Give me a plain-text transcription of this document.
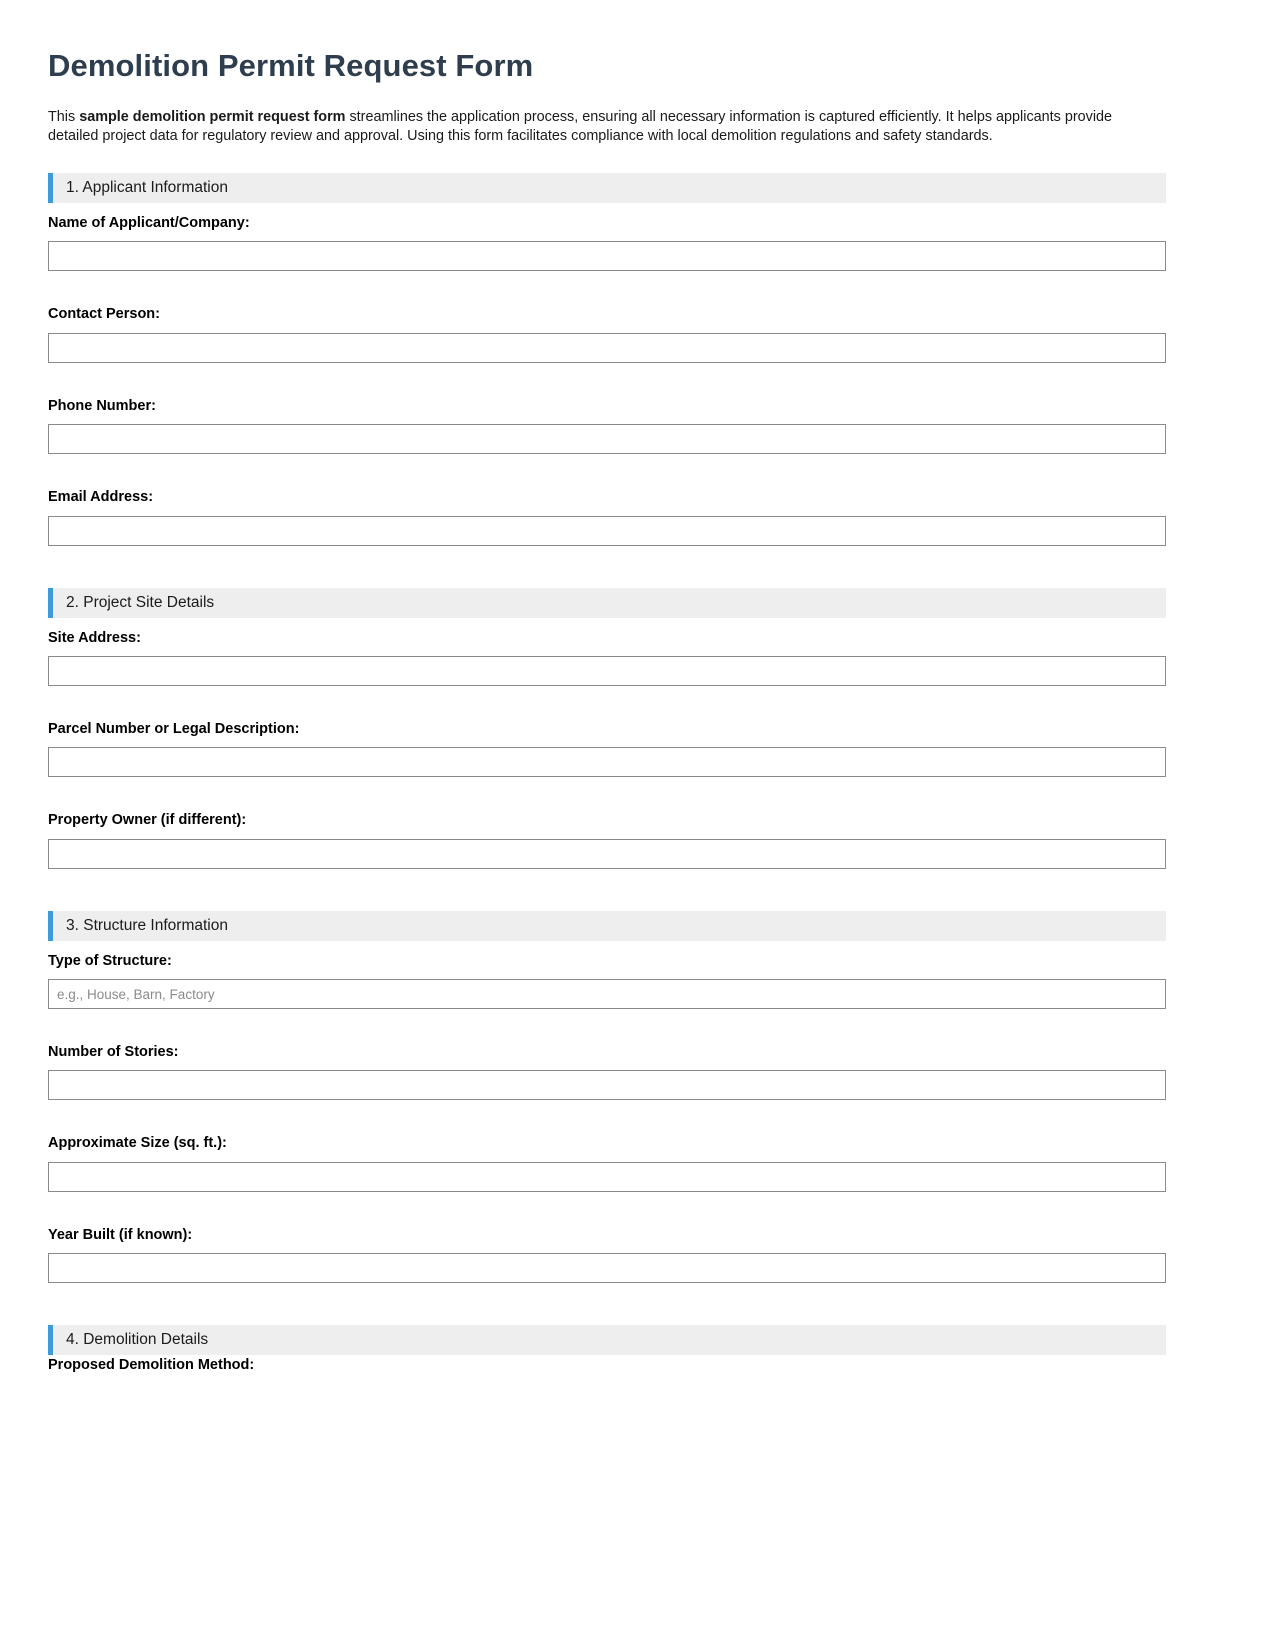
Demolition Permit Request Form

This sample demolition permit request form streamlines the application process, ensuring all necessary information is captured efficiently. It helps applicants provide detailed project data for regulatory review and approval. Using this form facilitates compliance with local demolition regulations and safety standards.

1. Applicant Information
Name of Applicant/Company:
Contact Person:
Phone Number:
Email Address:
2. Project Site Details
Site Address:
Parcel Number or Legal Description:
Property Owner (if different):
3. Structure Information
Type of Structure:
e.g., House, Barn, Factory
Number of Stories:
Approximate Size (sq. ft.):
Year Built (if known):
4. Demolition Details
Proposed Demolition Method:
